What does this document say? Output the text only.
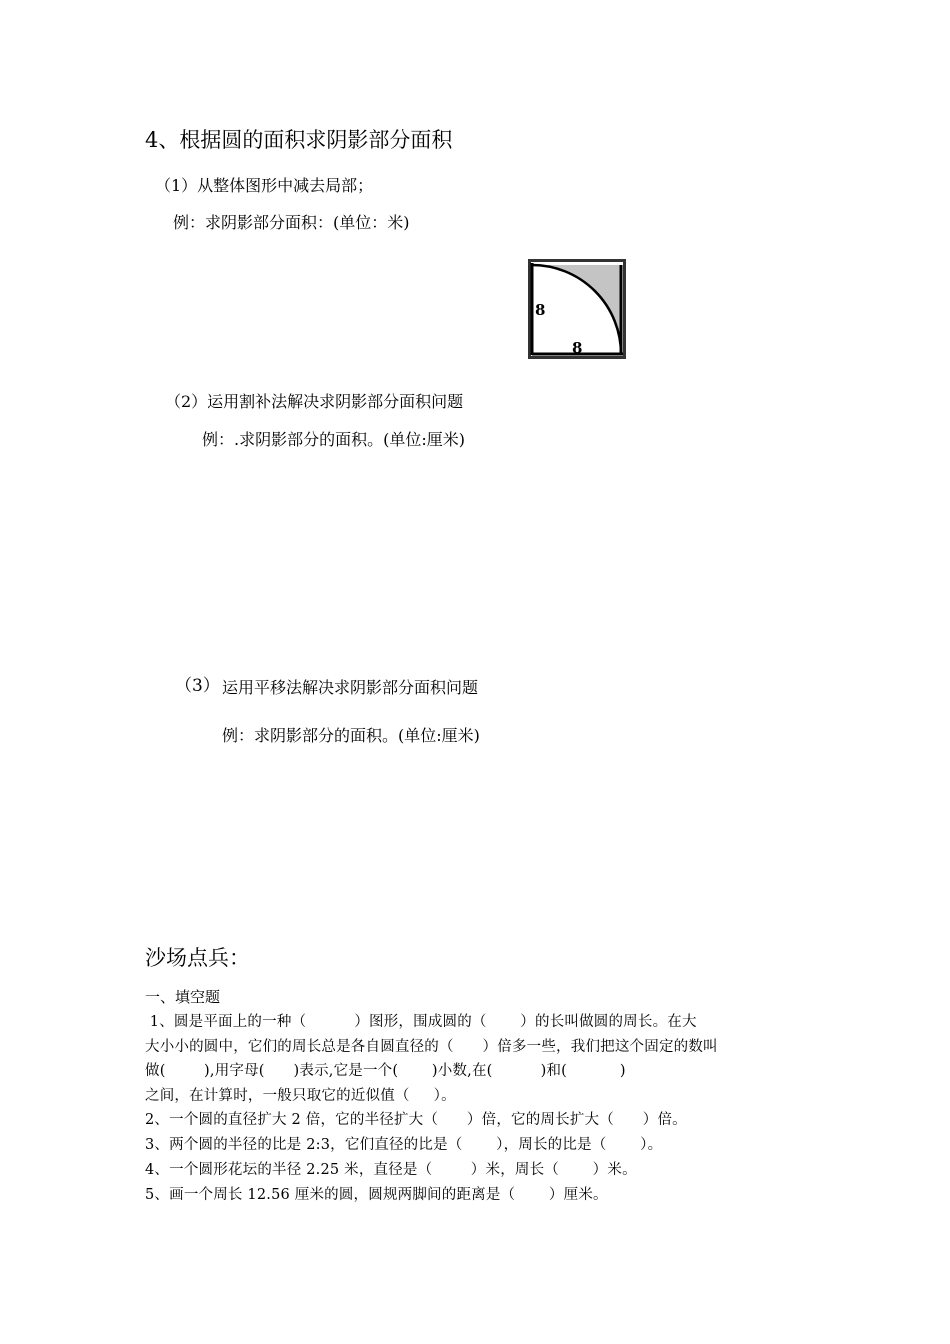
4、根据圆的面积求阴影部分面积
（1）从整体图形中减去局部；
例：求阴影部分面积：(单位：米)
8
8
（2）运用割补法解决求阴影部分面积问题
例：.求阴影部分的面积。(单位:厘米)
（3） 运用平移法解决求阴影部分面积问题
例：求阴影部分的面积。(单位:厘米)
沙场点兵：
一、填空题
1、圆是平面上的一种（          ）图形，围成圆的（       ）的长叫做圆的周长。在大
大小小的圆中，它们的周长总是各自圆直径的（      ）倍多一些，我们把这个固定的数叫
做(        ),用字母(      )表示,它是一个(       )小数,在(          )和(           )
之间，在计算时，一般只取它的近似值（     ）。
2、一个圆的直径扩大 2 倍，它的半径扩大（      ）倍，它的周长扩大（      ）倍。
3、两个圆的半径的比是 2:3，它们直径的比是（       ），周长的比是（       ）。
4、一个圆形花坛的半径 2.25 米，直径是（        ）米，周长（       ）米。
5、画一个周长 12.56 厘米的圆，圆规两脚间的距离是（       ）厘米。
